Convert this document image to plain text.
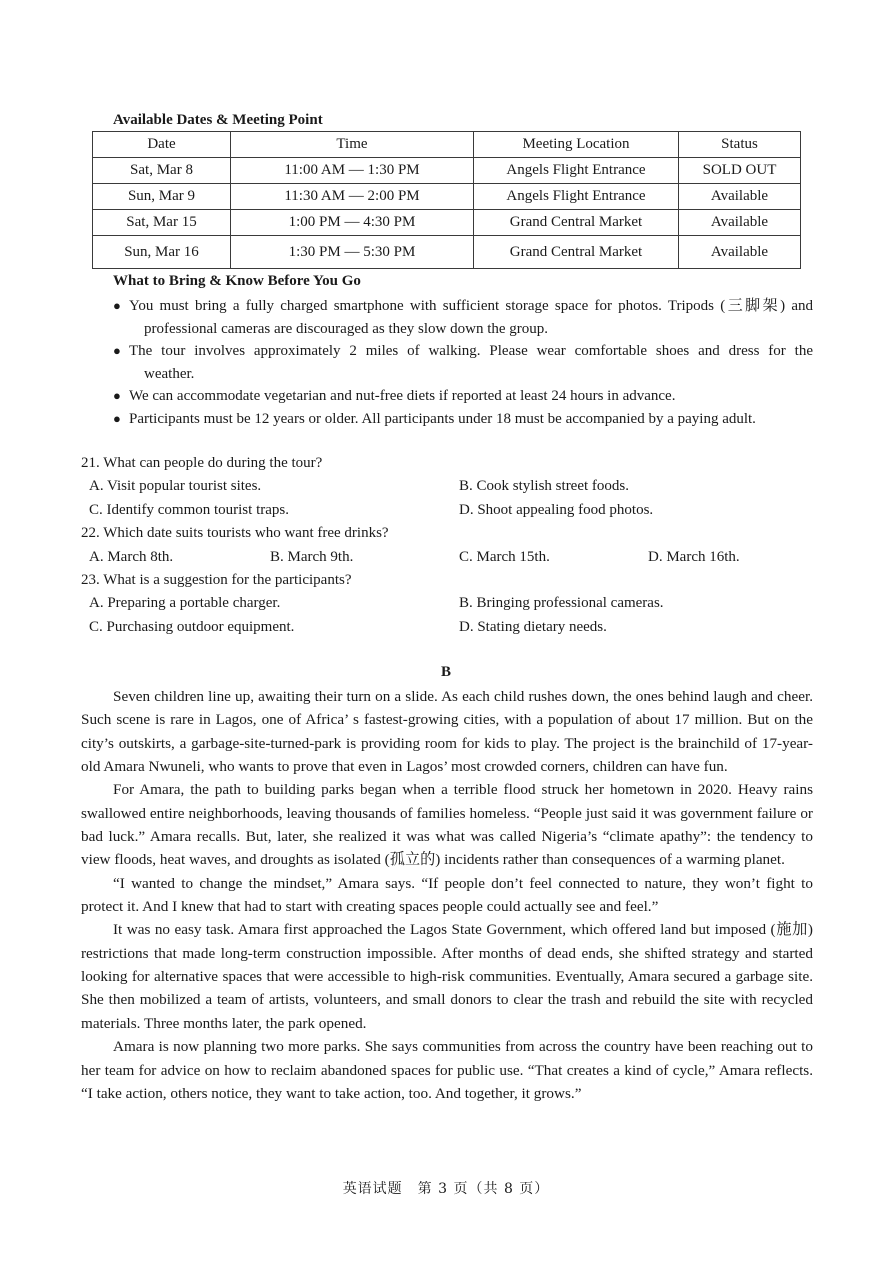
Available Dates & Meeting Point
Date	Time	Meeting Location	Status
Sat, Mar 8	11:00 AM — 1:30 PM	Angels Flight Entrance	SOLD OUT
Sun, Mar 9	11:30 AM — 2:00 PM	Angels Flight Entrance	Available
Sat, Mar 15	1:00 PM — 4:30 PM	Grand Central Market	Available
Sun, Mar 16	1:30 PM — 5:30 PM	Grand Central Market	Available
What to Bring & Know Before You Go
● You must bring a fully charged smartphone with sufficient storage space for photos. Tripods (三脚架) and
professional cameras are discouraged as they slow down the group.
● The tour involves approximately 2 miles of walking. Please wear comfortable shoes and dress for the
weather.
● We can accommodate vegetarian and nut-free diets if reported at least 24 hours in advance.
● Participants must be 12 years or older. All participants under 18 must be accompanied by a paying adult.
21. What can people do during the tour?
A. Visit popular tourist sites.	B. Cook stylish street foods.
C. Identify common tourist traps.	D. Shoot appealing food photos.
22. Which date suits tourists who want free drinks?
A. March 8th.	B. March 9th.	C. March 15th.	D. March 16th.
23. What is a suggestion for the participants?
A. Preparing a portable charger.	B. Bringing professional cameras.
C. Purchasing outdoor equipment.	D. Stating dietary needs.
B

Seven children line up, awaiting their turn on a slide. As each child rushes down, the ones behind laugh and cheer. Such scene is rare in Lagos, one of Africa’ s fastest-growing cities, with a population of about 17 million. But on the city’s outskirts, a garbage-site-turned-park is providing room for kids to play. The project is the brainchild of 17-year-old Amara Nwuneli, who wants to prove that even in Lagos’ most crowded corners, children can have fun.

For Amara, the path to building parks began when a terrible flood struck her hometown in 2020. Heavy rains swallowed entire neighborhoods, leaving thousands of families homeless. “People just said it was government failure or bad luck.” Amara recalls. But, later, she realized it was what was called Nigeria’s “climate apathy”: the tendency to view floods, heat waves, and droughts as isolated (孤立的) incidents rather than consequences of a warming planet.

“I wanted to change the mindset,” Amara says. “If people don’t feel connected to nature, they won’t fight to protect it. And I knew that had to start with creating spaces people could actually see and feel.”

It was no easy task. Amara first approached the Lagos State Government, which offered land but imposed (施加) restrictions that made long-term construction impossible. After months of dead ends, she shifted strategy and started looking for alternative spaces that were accessible to high-risk communities. Eventually, Amara secured a garbage site. She then mobilized a team of artists, volunteers, and small donors to clear the trash and rebuild the site with recycled materials. Three months later, the park opened.

Amara is now planning two more parks. She says communities from across the country have been reaching out to her team for advice on how to reclaim abandoned spaces for public use. “That creates a kind of cycle,” Amara reflects. “I take action, others notice, they want to take action, too. And together, it grows.”

英语试题　第 3 页（共 8 页）
